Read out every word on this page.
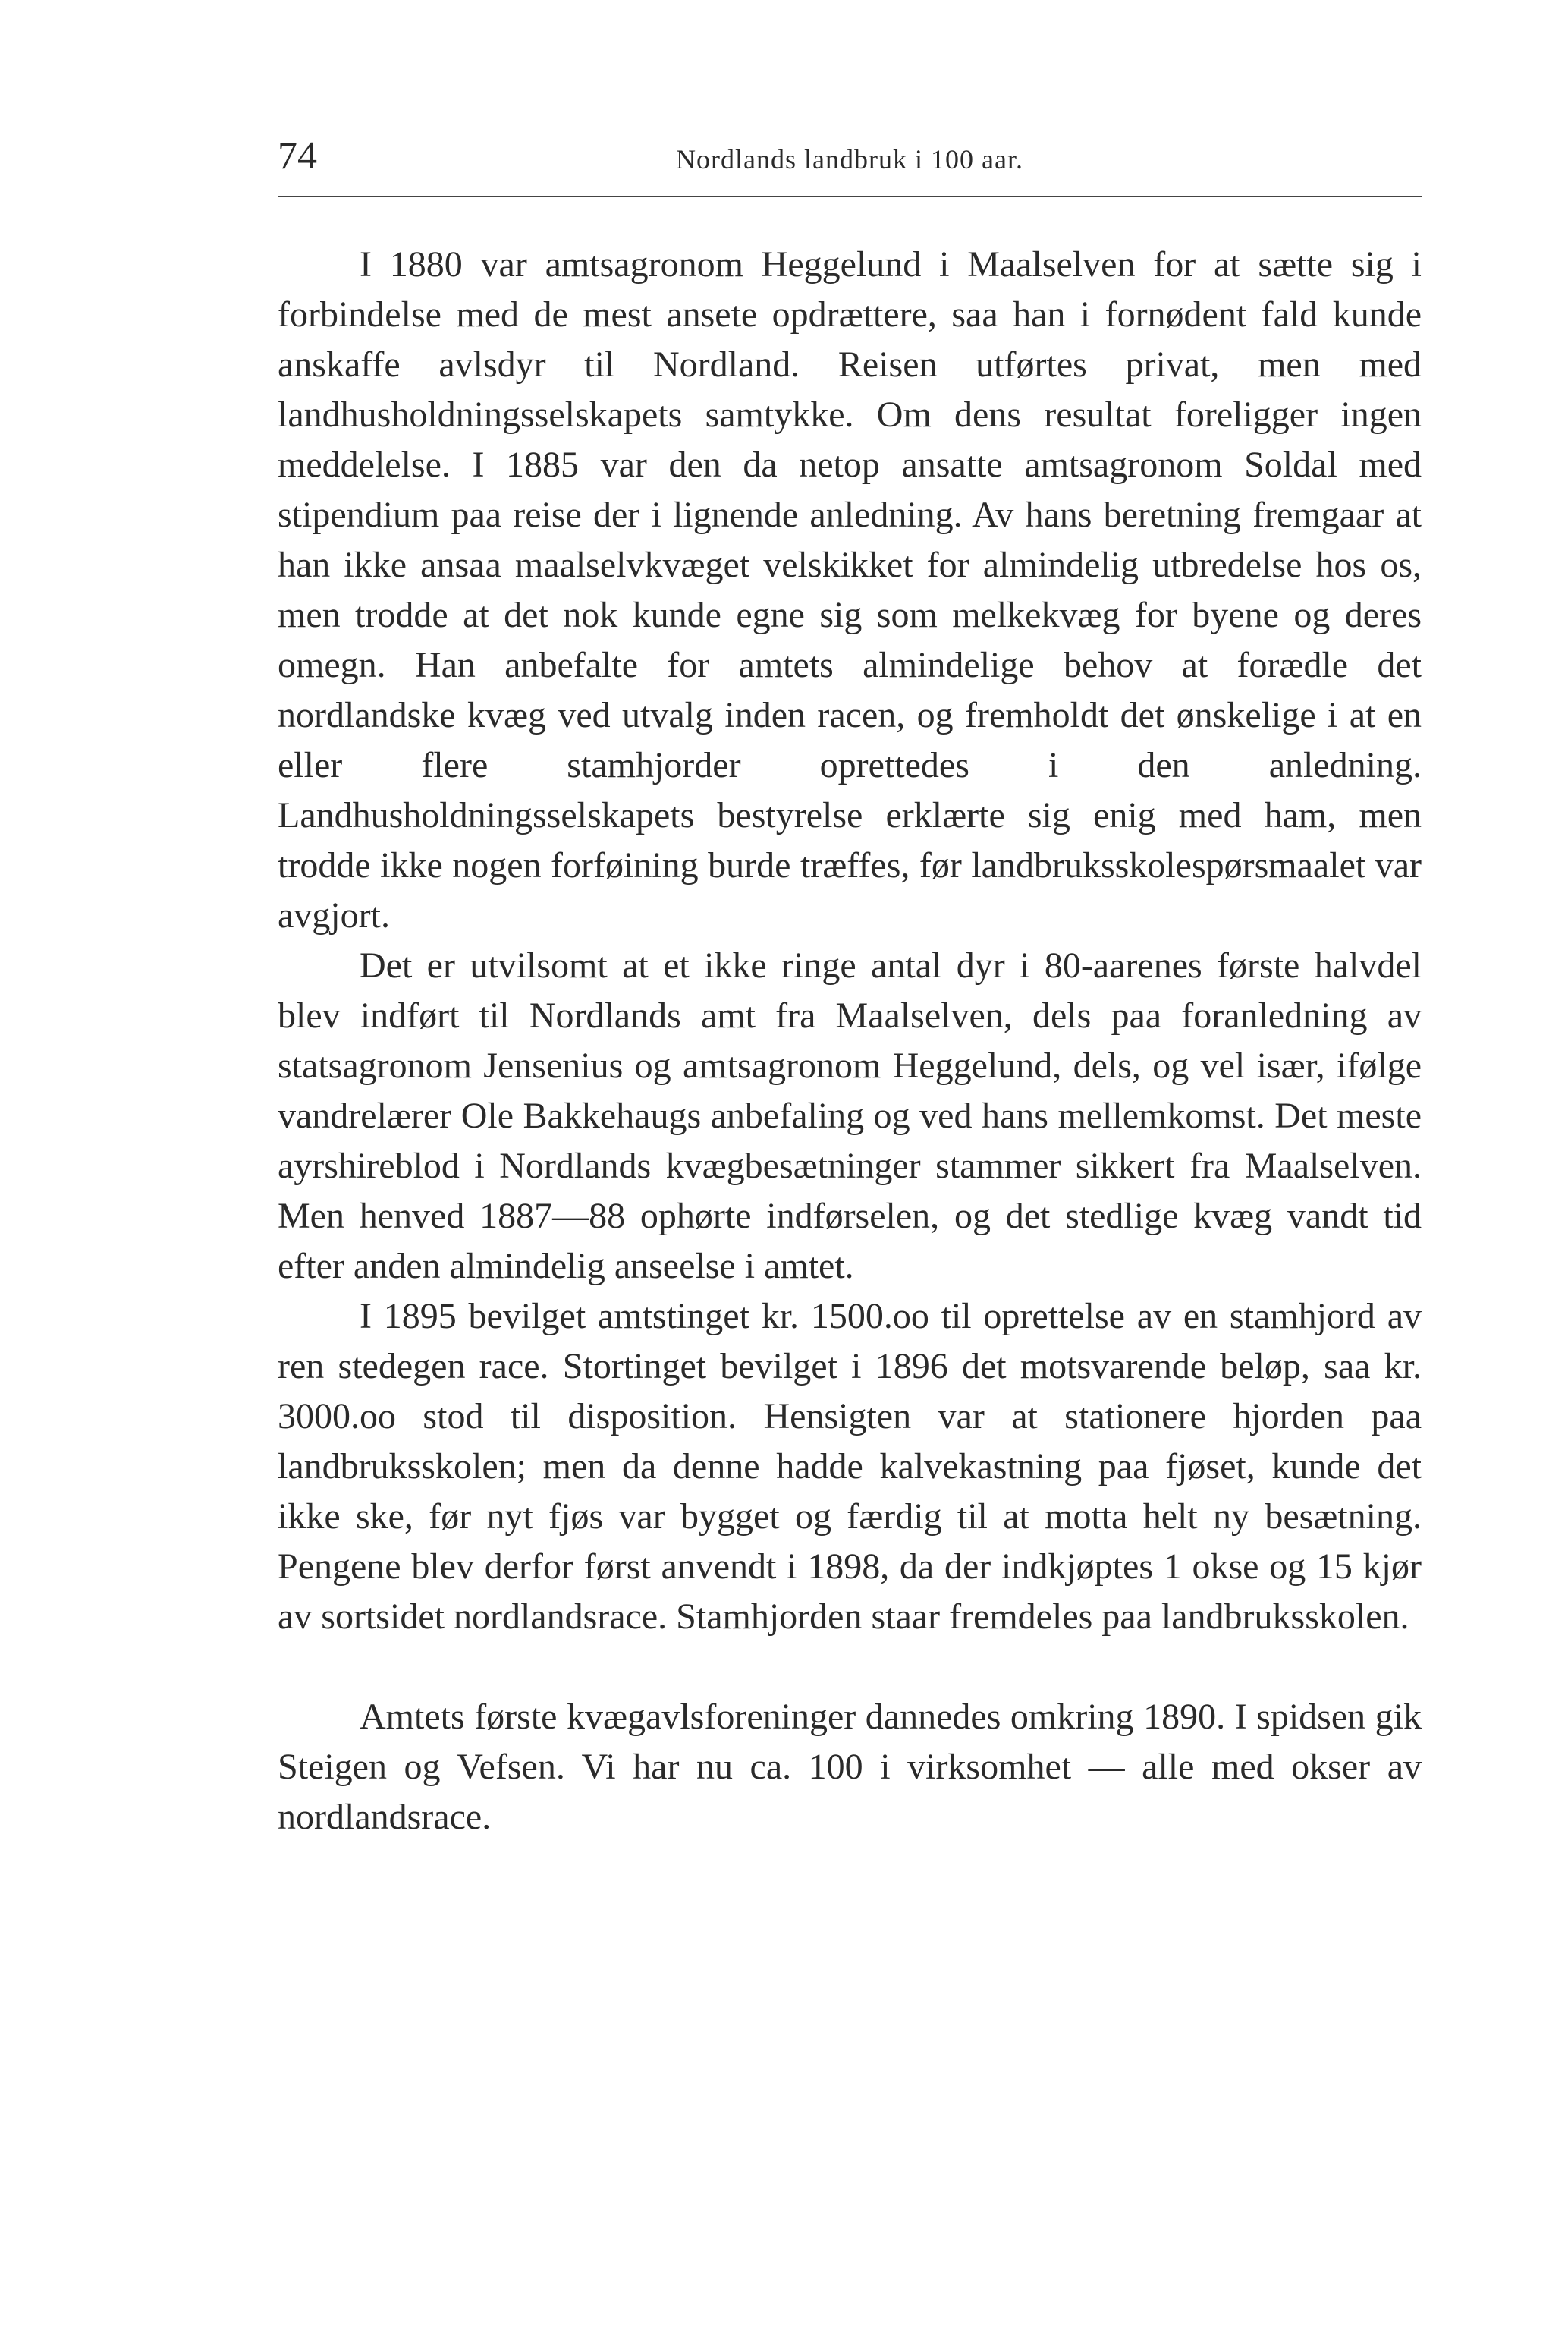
74	Nordlands landbruk i 100 aar.

I 1880 var amtsagronom Heggelund i Maalselven for at sætte sig i forbindelse med de mest ansete opdrættere, saa han i fornødent fald kunde anskaffe avlsdyr til Nordland. Reisen utførtes privat, men med landhusholdningsselskapets samtykke. Om dens resultat foreligger ingen meddelelse. I 1885 var den da netop ansatte amtsagronom Soldal med stipendium paa reise der i lignende anledning. Av hans beretning fremgaar at han ikke ansaa maalselvkvæget velskikket for almindelig utbredelse hos os, men trodde at det nok kunde egne sig som melkekvæg for byene og deres omegn. Han anbefalte for amtets almindelige behov at forædle det nordlandske kvæg ved utvalg inden racen, og fremholdt det ønskelige i at en eller flere stamhjorder oprettedes i den anledning. Landhusholdningsselskapets bestyrelse erklærte sig enig med ham, men trodde ikke nogen forføining burde træffes, før landbruksskolespørsmaalet var avgjort.

Det er utvilsomt at et ikke ringe antal dyr i 80-aarenes første halvdel blev indført til Nordlands amt fra Maalselven, dels paa foranledning av statsagronom Jensenius og amtsagronom Heggelund, dels, og vel især, ifølge vandrelærer Ole Bakkehaugs anbefaling og ved hans mellemkomst. Det meste ayrshireblod i Nordlands kvægbesætninger stammer sikkert fra Maalselven. Men henved 1887—88 ophørte indførselen, og det stedlige kvæg vandt tid efter anden almindelig anseelse i amtet.

I 1895 bevilget amtstinget kr. 1500.oo til oprettelse av en stamhjord av ren stedegen race. Stortinget bevilget i 1896 det motsvarende beløp, saa kr. 3000.oo stod til disposition. Hensigten var at stationere hjorden paa landbruksskolen; men da denne hadde kalvekastning paa fjøset, kunde det ikke ske, før nyt fjøs var bygget og færdig til at motta helt ny besætning. Pengene blev derfor først anvendt i 1898, da der indkjøptes 1 okse og 15 kjør av sortsidet nordlandsrace. Stamhjorden staar fremdeles paa landbruksskolen.

Amtets første kvægavlsforeninger dannedes omkring 1890. I spidsen gik Steigen og Vefsen. Vi har nu ca. 100 i virksomhet — alle med okser av nordlandsrace.
